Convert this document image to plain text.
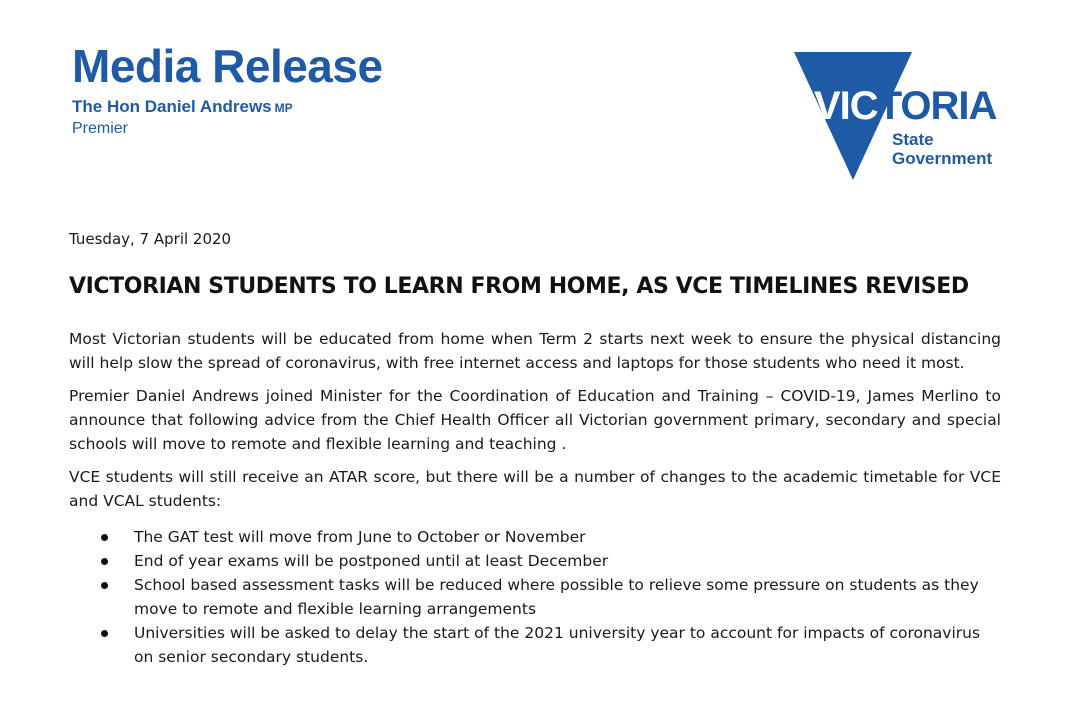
Media Release
The Hon Daniel Andrews MP
Premier
VICTORIA
State
Government
Tuesday, 7 April 2020
VICTORIAN STUDENTS TO LEARN FROM HOME, AS VCE TIMELINES REVISED

Most Victorian students will be educated from home when Term 2 starts next week to ensure the physical distancing will help slow the spread of coronavirus, with free internet access and laptops for those students who need it most.

Premier Daniel Andrews joined Minister for the Coordination of Education and Training – COVID-19, James Merlino to announce that following advice from the Chief Health Officer all Victorian government primary, secondary and special schools will move to remote and flexible learning and teaching .

VCE students will still receive an ATAR score, but there will be a number of changes to the academic timetable for VCE and VCAL students:

The GAT test will move from June to October or November
End of year exams will be postponed until at least December
School based assessment tasks will be reduced where possible to relieve some pressure on students as they move to remote and flexible learning arrangements
Universities will be asked to delay the start of the 2021 university year to account for impacts of coronavirus on senior secondary students.
